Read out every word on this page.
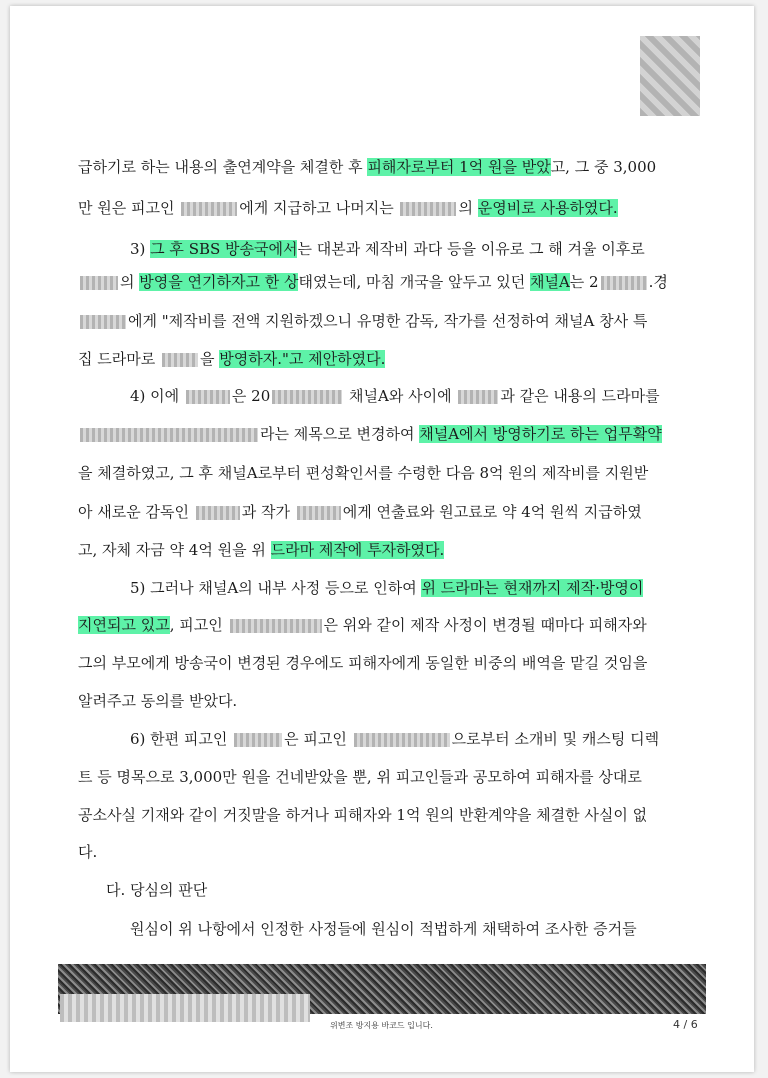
급하기로 하는 내용의 출연계약을 체결한 후 피해자로부터 1억 원을 받았고, 그 중 3,000
만 원은 피고인	에게 지급하고 나머지는	의 운영비로 사용하였다.
3) 그 후 SBS 방송국에서는 대본과 제작비 과다 등을 이유로 그 해 겨울 이후로
의 방영을 연기하자고 한 상태였는데, 마침 개국을 앞두고 있던 채널A는 2	.경
에게 "제작비를 전액 지원하겠으니 유명한 감독, 작가를 선정하여 채널A 창사 특
집 드라마로	을 방영하자."고 제안하였다.
4) 이에	은 20	채널A와 사이에	과 같은 내용의 드라마를
라는 제목으로 변경하여 채널A에서 방영하기로 하는 업무확약
을 체결하였고, 그 후 채널A로부터 편성확인서를 수령한 다음 8억 원의 제작비를 지원받
아 새로운 감독인	과 작가	에게 연출료와 원고료로 약 4억 원씩 지급하였
고, 자체 자금 약 4억 원을 위 드라마 제작에 투자하였다.
5) 그러나 채널A의 내부 사정 등으로 인하여 위 드라마는 현재까지 제작·방영이
지연되고 있고, 피고인	은 위와 같이 제작 사정이 변경될 때마다 피해자와
그의 부모에게 방송국이 변경된 경우에도 피해자에게 동일한 비중의 배역을 맡길 것임을
알려주고 동의를 받았다.
6) 한편 피고인	은 피고인	으로부터 소개비 및 캐스팅 디렉
트 등 명목으로 3,000만 원을 건네받았을 뿐, 위 피고인들과 공모하여 피해자를 상대로
공소사실 기재와 같이 거짓말을 하거나 피해자와 1억 원의 반환계약을 체결한 사실이 없
다.
다. 당심의 판단
원심이 위 나항에서 인정한 사정들에 원심이 적법하게 채택하여 조사한 증거들
위변조 방지용 바코드 입니다.	4 / 6
